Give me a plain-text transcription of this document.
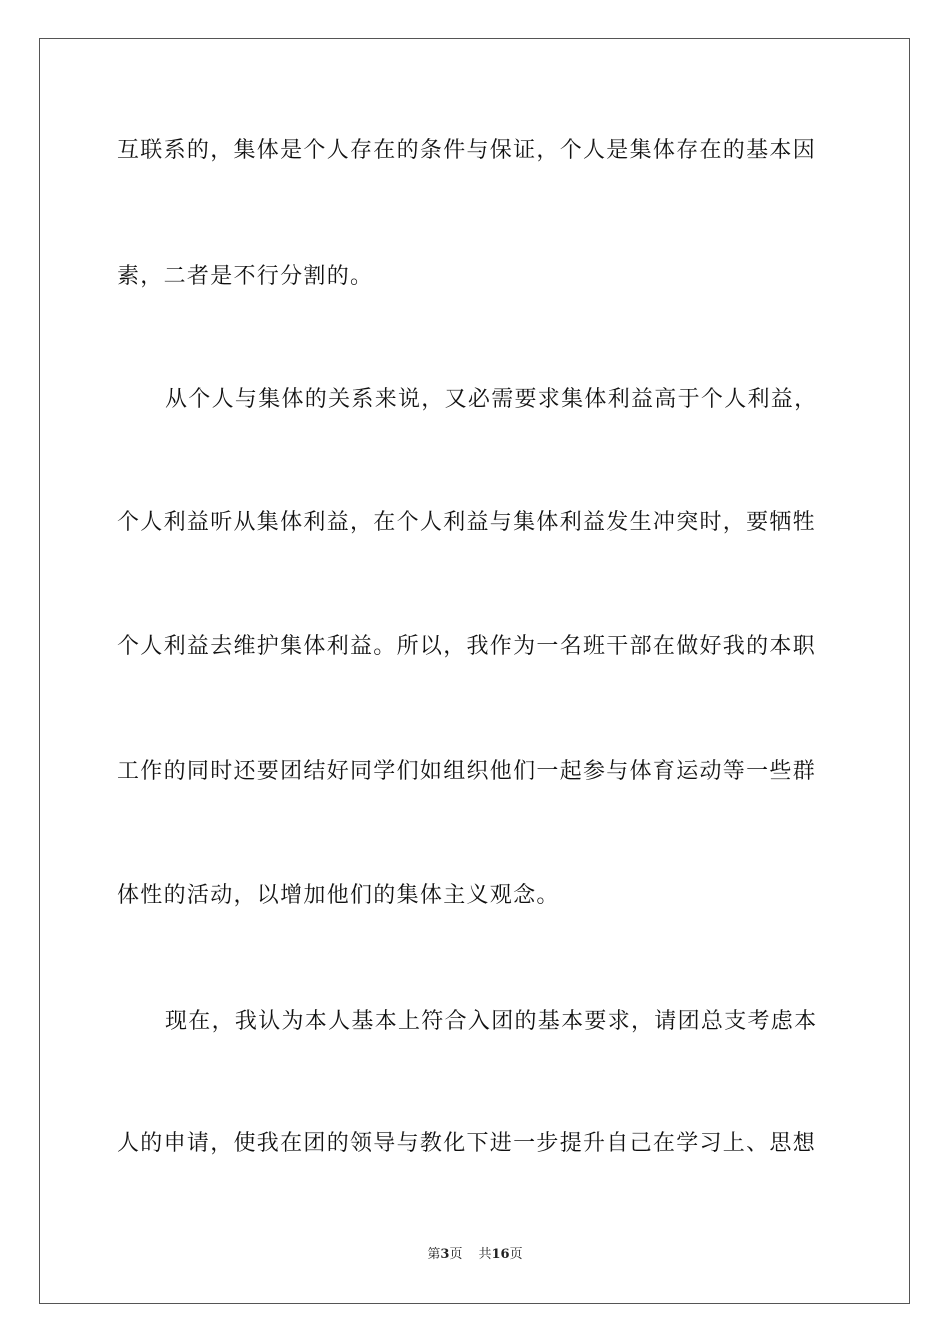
互联系的，集体是个人存在的条件与保证，个人是集体存在的基本因
素，二者是不行分割的。
从个人与集体的关系来说，又必需要求集体利益高于个人利益，
个人利益听从集体利益，在个人利益与集体利益发生冲突时，要牺牲
个人利益去维护集体利益。所以，我作为一名班干部在做好我的本职
工作的同时还要团结好同学们如组织他们一起参与体育运动等一些群
体性的活动，以增加他们的集体主义观念。
现在，我认为本人基本上符合入团的基本要求，请团总支考虑本
人的申请，使我在团的领导与教化下进一步提升自己在学习上、思想
第3页 共16页
